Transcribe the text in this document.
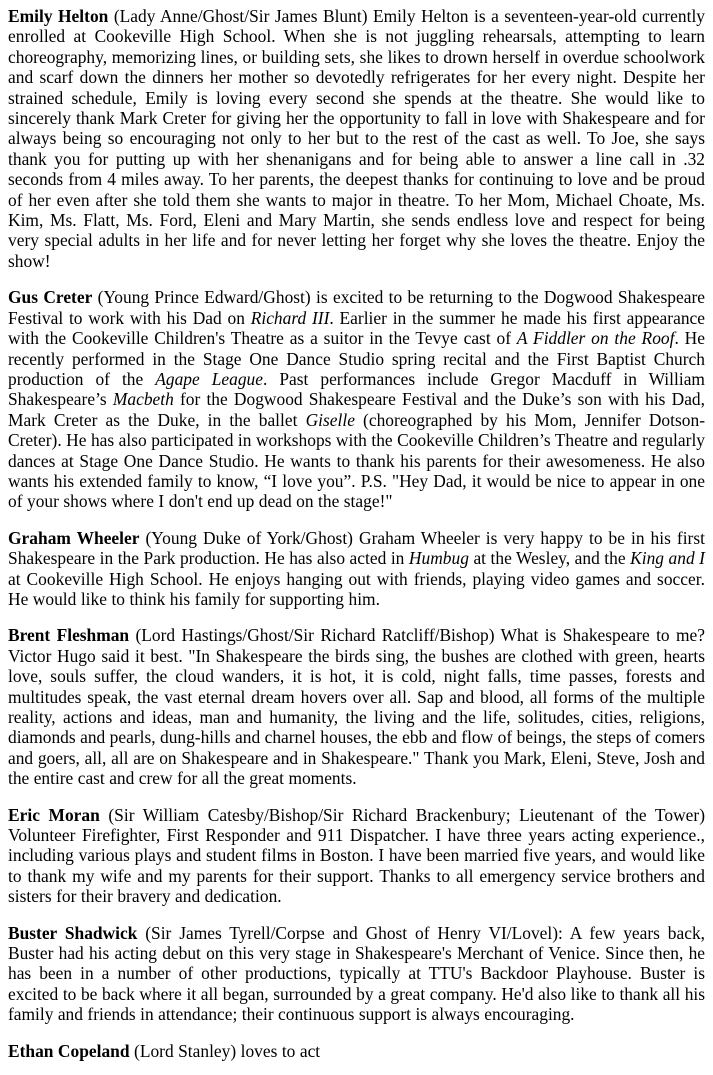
Emily Helton (Lady Anne/Ghost/Sir James Blunt) Emily Helton is a seventeen-year-old currently enrolled at Cookeville High School. When she is not juggling rehearsals, attempting to learn choreography, memorizing lines, or building sets, she likes to drown herself in overdue schoolwork and scarf down the dinners her mother so devotedly refrigerates for her every night. Despite her strained schedule, Emily is loving every second she spends at the theatre. She would like to sincerely thank Mark Creter for giving her the opportunity to fall in love with Shakespeare and for always being so encouraging not only to her but to the rest of the cast as well. To Joe, she says thank you for putting up with her shenanigans and for being able to answer a line call in .32 seconds from 4 miles away. To her parents, the deepest thanks for continuing to love and be proud of her even after she told them she wants to major in theatre. To her Mom, Michael Choate, Ms. Kim, Ms. Flatt, Ms. Ford, Eleni and Mary Martin, she sends endless love and respect for being very special adults in her life and for never letting her forget why she loves the theatre. Enjoy the show!

Gus Creter (Young Prince Edward/Ghost) is excited to be returning to the Dogwood Shakespeare Festival to work with his Dad on Richard III. Earlier in the summer he made his first appearance with the Cookeville Children's Theatre as a suitor in the Tevye cast of A Fiddler on the Roof. He recently performed in the Stage One Dance Studio spring recital and the First Baptist Church production of the Agape League. Past performances include Gregor Macduff in William Shakespeare’s Macbeth for the Dogwood Shakespeare Festival and the Duke’s son with his Dad, Mark Creter as the Duke, in the ballet Giselle (choreographed by his Mom, Jennifer Dotson-Creter). He has also participated in workshops with the Cookeville Children’s Theatre and regularly dances at Stage One Dance Studio. He wants to thank his parents for their awesomeness. He also wants his extended family to know, “I love you”. P.S. "Hey Dad, it would be nice to appear in one of your shows where I don't end up dead on the stage!"

Graham Wheeler (Young Duke of York/Ghost) Graham Wheeler is very happy to be in his first Shakespeare in the Park production. He has also acted in Humbug at the Wesley, and the King and I at Cookeville High School. He enjoys hanging out with friends, playing video games and soccer. He would like to think his family for supporting him.

Brent Fleshman (Lord Hastings/Ghost/Sir Richard Ratcliff/Bishop) What is Shakespeare to me? Victor Hugo said it best. "In Shakespeare the birds sing, the bushes are clothed with green, hearts love, souls suffer, the cloud wanders, it is hot, it is cold, night falls, time passes, forests and multitudes speak, the vast eternal dream hovers over all. Sap and blood, all forms of the multiple reality, actions and ideas, man and humanity, the living and the life, solitudes, cities, religions, diamonds and pearls, dung-hills and charnel houses, the ebb and flow of beings, the steps of comers and goers, all, all are on Shakespeare and in Shakespeare." Thank you Mark, Eleni, Steve, Josh and the entire cast and crew for all the great moments.

Eric Moran (Sir William Catesby/Bishop/Sir Richard Brackenbury; Lieutenant of the Tower) Volunteer Firefighter, First Responder and 911 Dispatcher. I have three years acting experience., including various plays and student films in Boston. I have been married five years, and would like to thank my wife and my parents for their support. Thanks to all emergency service brothers and sisters for their bravery and dedication.

Buster Shadwick (Sir James Tyrell/Corpse and Ghost of Henry VI/Lovel): A few years back, Buster had his acting debut on this very stage in Shakespeare's Merchant of Venice. Since then, he has been in a number of other productions, typically at TTU's Backdoor Playhouse. Buster is excited to be back where it all began, surrounded by a great company. He'd also like to thank all his family and friends in attendance; their continuous support is always encouraging.

Ethan Copeland (Lord Stanley) loves to act
